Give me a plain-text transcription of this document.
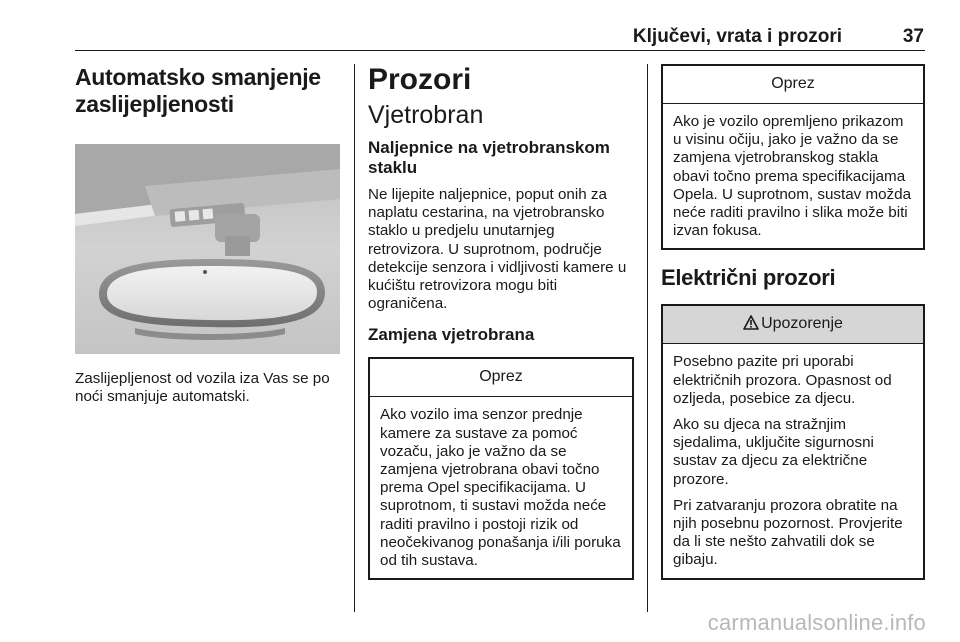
Ključevi, vrata i prozori	37
Automatsko smanjenje zaslijepljenosti

Zaslijepljenost od vozila iza Vas se po noći smanjuje automatski.

Prozori
Vjetrobran
Naljepnice na vjetrobranskom staklu

Ne lijepite naljepnice, poput onih za naplatu cestarina, na vjetrobransko staklo u predjelu unutarnjeg retrovizora. U suprotnom, područje detekcije senzora i vidljivosti kamere u kućištu retrovizora mogu biti ograničena.

Zamjena vjetrobrana
Oprez

Ako vozilo ima senzor prednje kamere za sustave za pomoć vozaču, jako je važno da se zamjena vjetrobrana obavi točno prema Opel specifikacijama. U suprotnom, ti sustavi možda neće raditi pravilno i postoji rizik od neočekivanog ponašanja i/ili poruka od tih sustava.

Oprez

Ako je vozilo opremljeno prikazom u visinu očiju, jako je važno da se zamjena vjetrobranskog stakla obavi točno prema specifikacijama Opela. U suprotnom, sustav možda neće raditi pravilno i slika može biti izvan fokusa.

Električni prozori
Upozorenje

Posebno pazite pri uporabi električnih prozora. Opasnost od ozljeda, posebice za djecu.

Ako su djeca na stražnjim sjedalima, uključite sigurnosni sustav za djecu za električne prozore.

Pri zatvaranju prozora obratite na njih posebnu pozornost. Provjerite da li ste nešto zahvatili dok se gibaju.

carmanualsonline.info
